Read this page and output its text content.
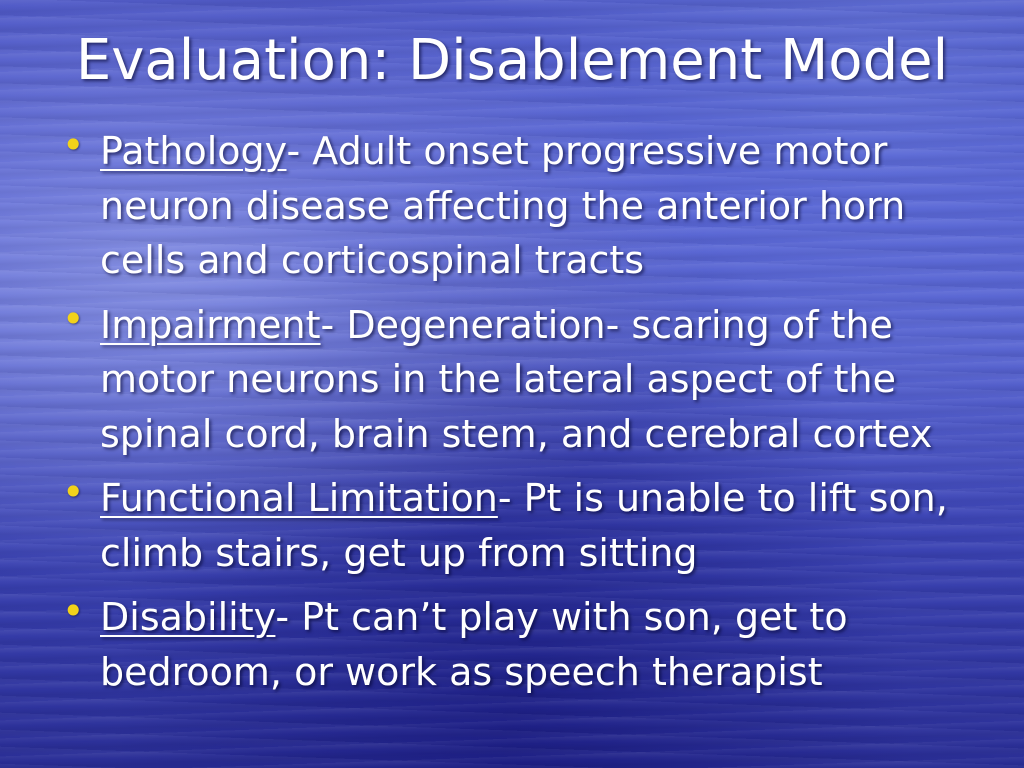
Evaluation: Disablement Model
• Pathology- Adult onset progressive motor neuron disease affecting the anterior horn cells and corticospinal tracts
• Impairment- Degeneration- scaring of the motor neurons in the lateral aspect of the spinal cord, brain stem, and cerebral cortex
• Functional Limitation- Pt is unable to lift son, climb stairs, get up from sitting
• Disability- Pt can’t play with son, get to bedroom, or work as speech therapist
